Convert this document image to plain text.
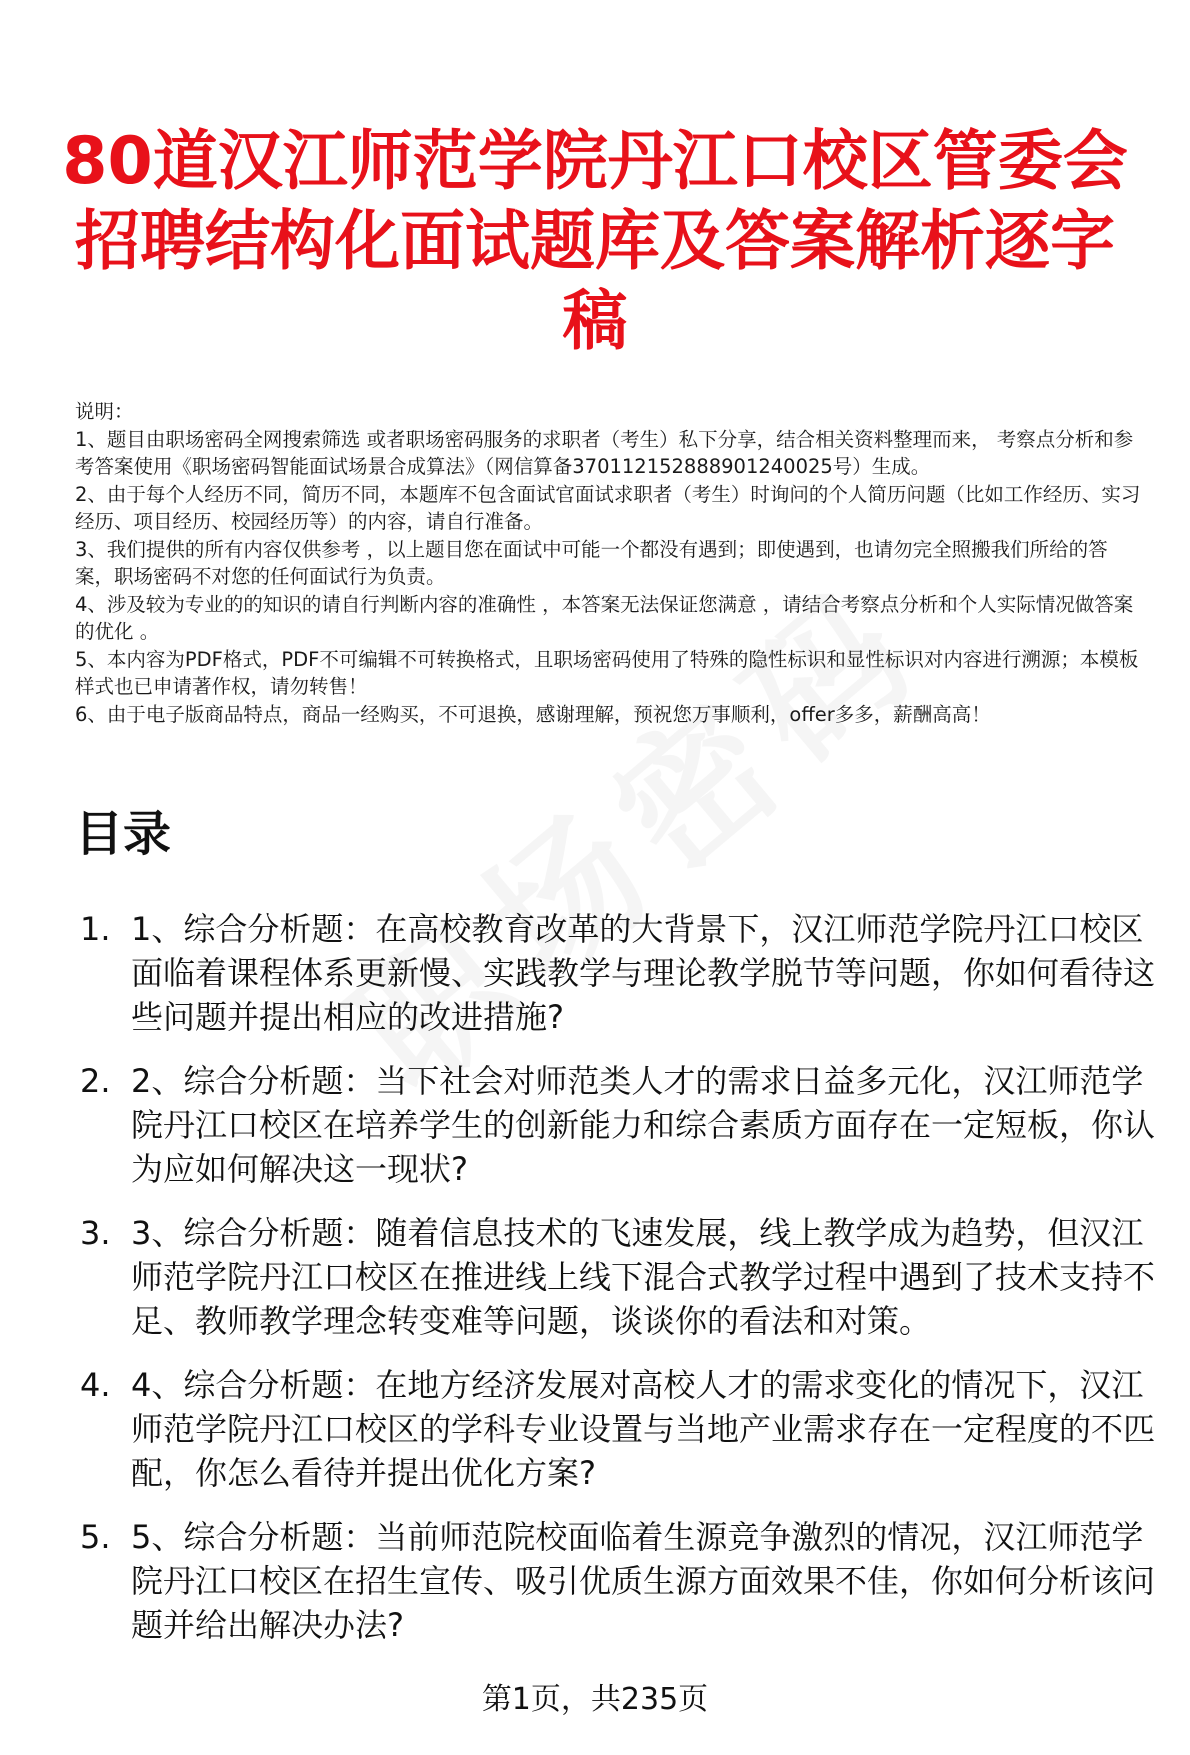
80道汉江师范学院丹江口校区管委会招聘结构化面试题库及答案解析逐字稿
说明：
1、题目由职场密码全网搜索筛选 或者职场密码服务的求职者（考生）私下分享，结合相关资料整理而来， 考察点分析和参考答案使用《职场密码智能面试场景合成算法》（网信算备370112152888901240025号）生成。
2、由于每个人经历不同，简历不同，本题库不包含面试官面试求职者（考生）时询问的个人简历问题（比如工作经历、实习经历、项目经历、校园经历等）的内容，请自行准备。
3、我们提供的所有内容仅供参考 ，以上题目您在面试中可能一个都没有遇到；即使遇到，也请勿完全照搬我们所给的答案，职场密码不对您的任何面试行为负责。
4、涉及较为专业的的知识的请自行判断内容的准确性 ，本答案无法保证您满意 ，请结合考察点分析和个人实际情况做答案的优化 。
5、本内容为PDF格式，PDF不可编辑不可转换格式，且职场密码使用了特殊的隐性标识和显性标识对内容进行溯源；本模板样式也已申请著作权，请勿转售！
6、由于电子版商品特点，商品一经购买，不可退换，感谢理解，预祝您万事顺利，offer多多，薪酬高高！
目录
1. 1、综合分析题：在高校教育改革的大背景下，汉江师范学院丹江口校区面临着课程体系更新慢、实践教学与理论教学脱节等问题，你如何看待这些问题并提出相应的改进措施?
2. 2、综合分析题：当下社会对师范类人才的需求日益多元化，汉江师范学院丹江口校区在培养学生的创新能力和综合素质方面存在一定短板，你认为应如何解决这一现状?
3. 3、综合分析题：随着信息技术的飞速发展，线上教学成为趋势，但汉江师范学院丹江口校区在推进线上线下混合式教学过程中遇到了技术支持不足、教师教学理念转变难等问题，谈谈你的看法和对策。
4. 4、综合分析题：在地方经济发展对高校人才的需求变化的情况下，汉江师范学院丹江口校区的学科专业设置与当地产业需求存在一定程度的不匹配，你怎么看待并提出优化方案?
5. 5、综合分析题：当前师范院校面临着生源竞争激烈的情况，汉江师范学院丹江口校区在招生宣传、吸引优质生源方面效果不佳，你如何分析该问题并给出解决办法?
第1页，共235页
